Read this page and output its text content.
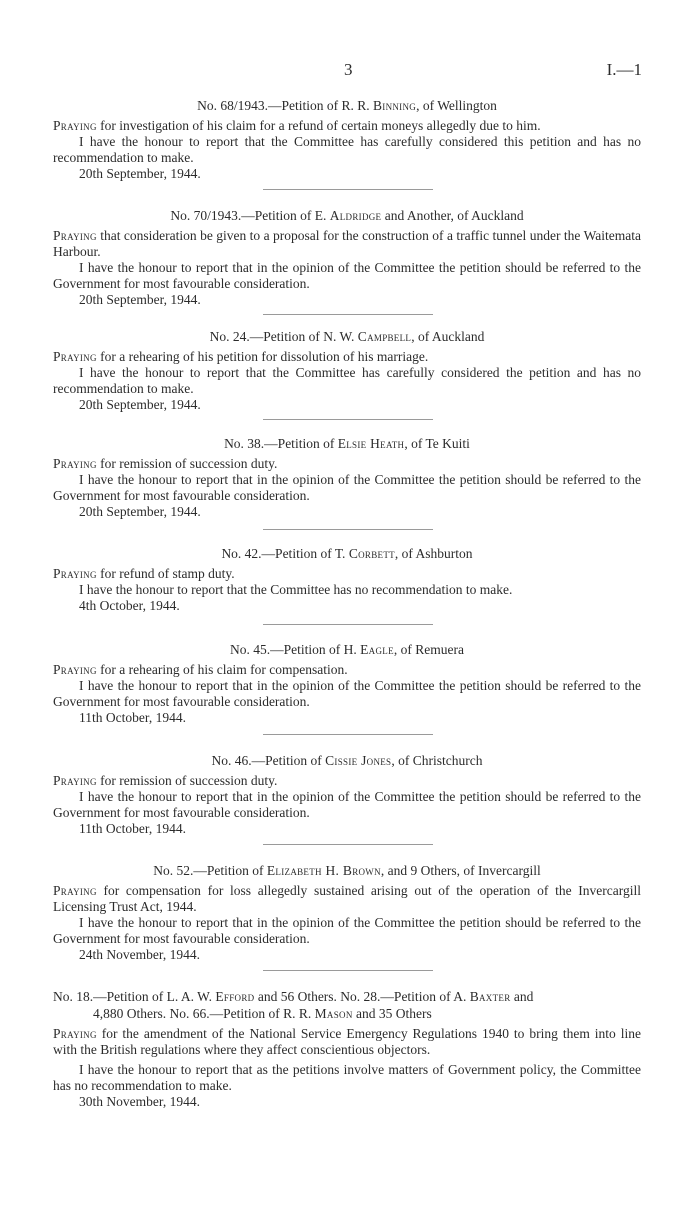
3	I.—1

No. 68/1943.—Petition of R. R. Binning, of Wellington

Praying for investigation of his claim for a refund of certain moneys allegedly due to him.

I have the honour to report that the Committee has carefully considered this petition and has no recommendation to make.

20th September, 1944.

No. 70/1943.—Petition of E. Aldridge and Another, of Auckland

Praying that consideration be given to a proposal for the construction of a traffic tunnel under the Waitemata Harbour.

I have the honour to report that in the opinion of the Committee the petition should be referred to the Government for most favourable consideration.

20th September, 1944.

No. 24.—Petition of N. W. Campbell, of Auckland

Praying for a rehearing of his petition for dissolution of his marriage.

I have the honour to report that the Committee has carefully considered the petition and has no recommendation to make.

20th September, 1944.

No. 38.—Petition of Elsie Heath, of Te Kuiti

Praying for remission of succession duty.

I have the honour to report that in the opinion of the Committee the petition should be referred to the Government for most favourable consideration.

20th September, 1944.

No. 42.—Petition of T. Corbett, of Ashburton

Praying for refund of stamp duty.

I have the honour to report that the Committee has no recommendation to make.

4th October, 1944.

No. 45.—Petition of H. Eagle, of Remuera

Praying for a rehearing of his claim for compensation.

I have the honour to report that in the opinion of the Committee the petition should be referred to the Government for most favourable consideration.

11th October, 1944.

No. 46.—Petition of Cissie Jones, of Christchurch

Praying for remission of succession duty.

I have the honour to report that in the opinion of the Committee the petition should be referred to the Government for most favourable consideration.

11th October, 1944.

No. 52.—Petition of Elizabeth H. Brown, and 9 Others, of Invercargill

Praying for compensation for loss allegedly sustained arising out of the operation of the Invercargill Licensing Trust Act, 1944.

I have the honour to report that in the opinion of the Committee the petition should be referred to the Government for most favourable consideration.

24th November, 1944.

No. 18.—Petition of L. A. W. Efford and 56 Others. No. 28.—Petition of A. Baxter and
4,880 Others. No. 66.—Petition of R. R. Mason and 35 Others

Praying for the amendment of the National Service Emergency Regulations 1940 to bring them into line with the British regulations where they affect conscientious objectors.

I have the honour to report that as the petitions involve matters of Government policy, the Committee has no recommendation to make.

30th November, 1944.
